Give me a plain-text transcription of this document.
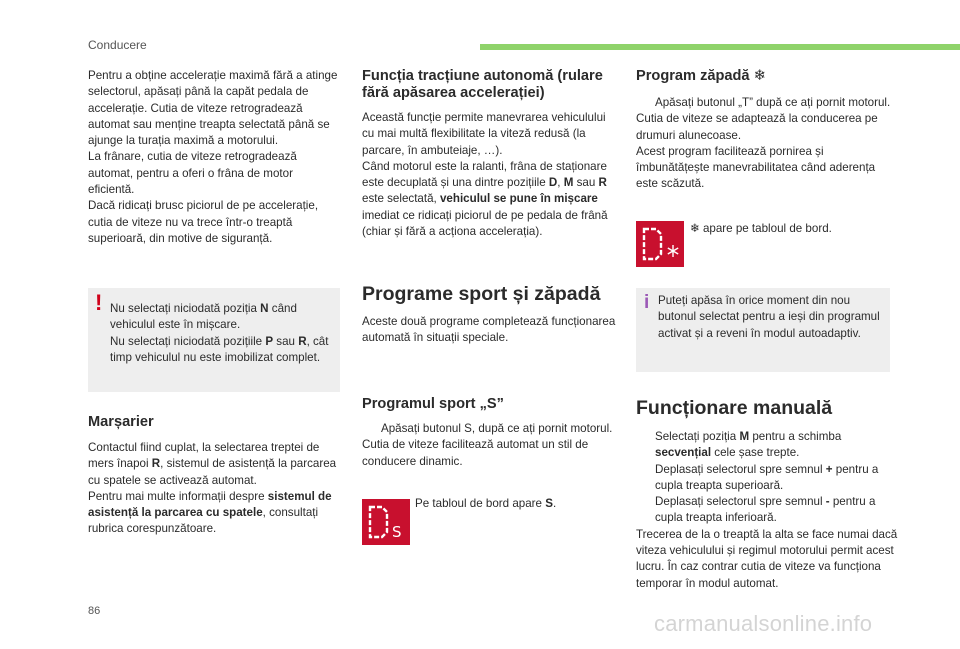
Conducere

Pentru a obține accelerație maximă fără a atinge selectorul, apăsați până la capăt pedala de accelerație. Cutia de viteze retrogradează automat sau menține treapta selectată până se ajunge la turația maximă a motorului.

La frânare, cutia de viteze retrogradează automat, pentru a oferi o frâna de motor eficientă.

Dacă ridicați brusc piciorul de pe accelerație, cutia de viteze nu va trece într-o treaptă superioară, din motive de siguranță.

! Nu selectați niciodată poziția N când vehiculul este în mișcare.
Nu selectați niciodată pozițiile P sau R, cât timp vehiculul nu este imobilizat complet.
Marșarier

Contactul fiind cuplat, la selectarea treptei de mers înapoi R, sistemul de asistență la parcarea cu spatele se activează automat.
Pentru mai multe informații despre sistemul de asistență la parcarea cu spatele, consultați rubrica corespunzătoare.

Funcția tracțiune autonomă (rulare fără apăsarea accelerației)

Această funcție permite manevrarea vehiculului cu mai multă flexibilitate la viteză redusă (la parcare, în ambuteiaje, …).

Când motorul este la ralanti, frâna de staționare este decuplată și una dintre pozițiile D, M sau R este selectată, vehiculul se pune în mișcare imediat ce ridicați piciorul de pe pedala de frână (chiar și fără a acționa accelerația).

Programe sport și zăpadă

Aceste două programe completează funcționarea automată în situații speciale.

Programul sport „S”
Apăsați butonul S, după ce ați pornit motorul.

Cutia de viteze facilitează automat un stil de conducere dinamic.

S

Pe tabloul de bord apare S.

Program zăpadă ❄
Apăsați butonul „T” după ce ați pornit motorul.

Cutia de viteze se adaptează la conducerea pe drumuri alunecoase.

Acest program facilitează pornirea și îmbunătățește manevrabilitatea când aderența este scăzută.

❄ apare pe tabloul de bord.

i Puteți apăsa în orice moment din nou butonul selectat pentru a ieși din programul activat și a reveni în modul autoadaptiv.
Funcționare manuală
Selectați poziția M pentru a schimba secvențial cele șase trepte.
Deplasați selectorul spre semnul + pentru a cupla treapta superioară.
Deplasați selectorul spre semnul - pentru a cupla treapta inferioară.

Trecerea de la o treaptă la alta se face numai dacă viteza vehiculului și regimul motorului permit acest lucru. În caz contrar cutia de viteze va funcționa temporar în modul automat.

86	carmanualsonline.info
